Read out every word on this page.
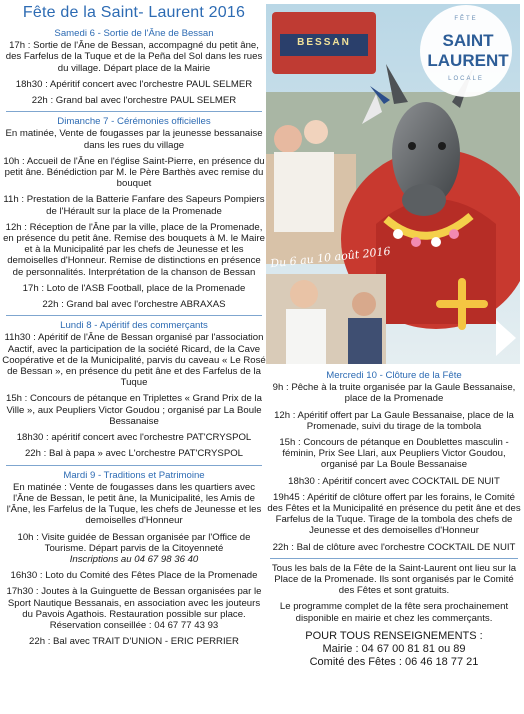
Fête de la Saint- Laurent 2016
Samedi 6 - Sortie de l'Âne de Bessan
17h : Sortie de l'Âne de Bessan, accompagné du petit âne, des Farfelus de la Tuque et de la Peña del Sol dans les rues du village. Départ place de la Mairie
18h30 : Apéritif concert avec l'orchestre PAUL SELMER
22h : Grand bal avec l'orchestre PAUL SELMER
Dimanche 7 - Cérémonies officielles
En matinée, Vente de fougasses par la jeunesse bessanaise dans les rues du village
10h : Accueil de l'Âne en l'église Saint-Pierre, en présence du petit âne. Bénédiction par M. le Père Barthès avec remise du bouquet
11h : Prestation de la Batterie Fanfare des Sapeurs Pompiers de l'Hérault sur la place de la Promenade
12h : Réception de l'Âne par la ville, place de la Promenade, en présence du petit âne. Remise des bouquets à M. le Maire et à la Municipalité par les chefs de Jeunesse et les demoiselles d'Honneur. Remise de distinctions en présence de personnalités. Interprétation de la chanson de Bessan
17h : Loto de l'ASB Football, place de la Promenade
22h : Grand bal avec l'orchestre ABRAXAS
Lundi 8 - Apéritif des commerçants
11h30 : Apéritif de l'Âne de Bessan organisé par l'association Aactif, avec la participation de la société Ricard, de la Cave Coopérative et de la Municipalité, parvis du caveau « Le Rosé de Bessan », en présence du petit âne et des Farfelus de la Tuque
15h : Concours de pétanque en Triplettes « Grand Prix de la Ville », aux Peupliers Victor Goudou ; organisé par La Boule Bessanaise
18h30 : apéritif concert avec l'orchestre PAT'CRYSPOL
22h : Bal à papa » avec L'orchestre PAT'CRYSPOL
Mardi 9 - Traditions et Patrimoine
En matinée : Vente de fougasses dans les quartiers avec l'Âne de Bessan, le petit âne, la Municipalité, les Amis de l'Âne, les Farfelus de la Tuque, les chefs de Jeunesse et les demoiselles d'Honneur
10h : Visite guidée de Bessan organisée par l'Office de Tourisme. Départ parvis de la Citoyenneté
Inscriptions au 04 67 98 36 40
16h30 : Loto du Comité des Fêtes Place de la Promenade
17h30 : Joutes à la Guinguette de Bessan organisées par le Sport Nautique Bessanais, en association avec les jouteurs du Pavois Agathois. Restauration possible sur place. Réservation conseillée : 04 67 77 43 93
22h : Bal avec TRAIT D'UNION - ERIC PERRIER
BESSAN
FÊTE
SAINT
LAURENT
LOCALE
Du 6 au 10 août 2016
Mercredi 10 - Clôture de la Fête
9h : Pêche à la truite organisée par la Gaule Bessanaise, place de la Promenade
12h : Apéritif offert par La Gaule Bessanaise, place de la Promenade, suivi du tirage de la tombola
15h : Concours de pétanque en Doublettes masculin - féminin, Prix See Llari, aux Peupliers Victor Goudou, organisé par La Boule Bessanaise
18h30 : Apéritif concert avec COCKTAIL DE NUIT
19h45 : Apéritif de clôture offert par les forains, le Comité des Fêtes et la Municipalité en présence du petit âne et des Farfelus de la Tuque. Tirage de la tombola des chefs de Jeunesse et des demoiselles d'Honneur
22h : Bal de clôture avec l'orchestre COCKTAIL DE NUIT
Tous les bals de la Fête de la Saint-Laurent ont lieu sur la Place de la Promenade. Ils sont organisés par le Comité des Fêtes et sont gratuits.
Le programme complet de la fête sera prochainement disponible en mairie et chez les commerçants.
POUR TOUS RENSEIGNEMENTS :
Mairie : 04 67 00 81 81 ou 89
Comité des Fêtes : 06 46 18 77 21
